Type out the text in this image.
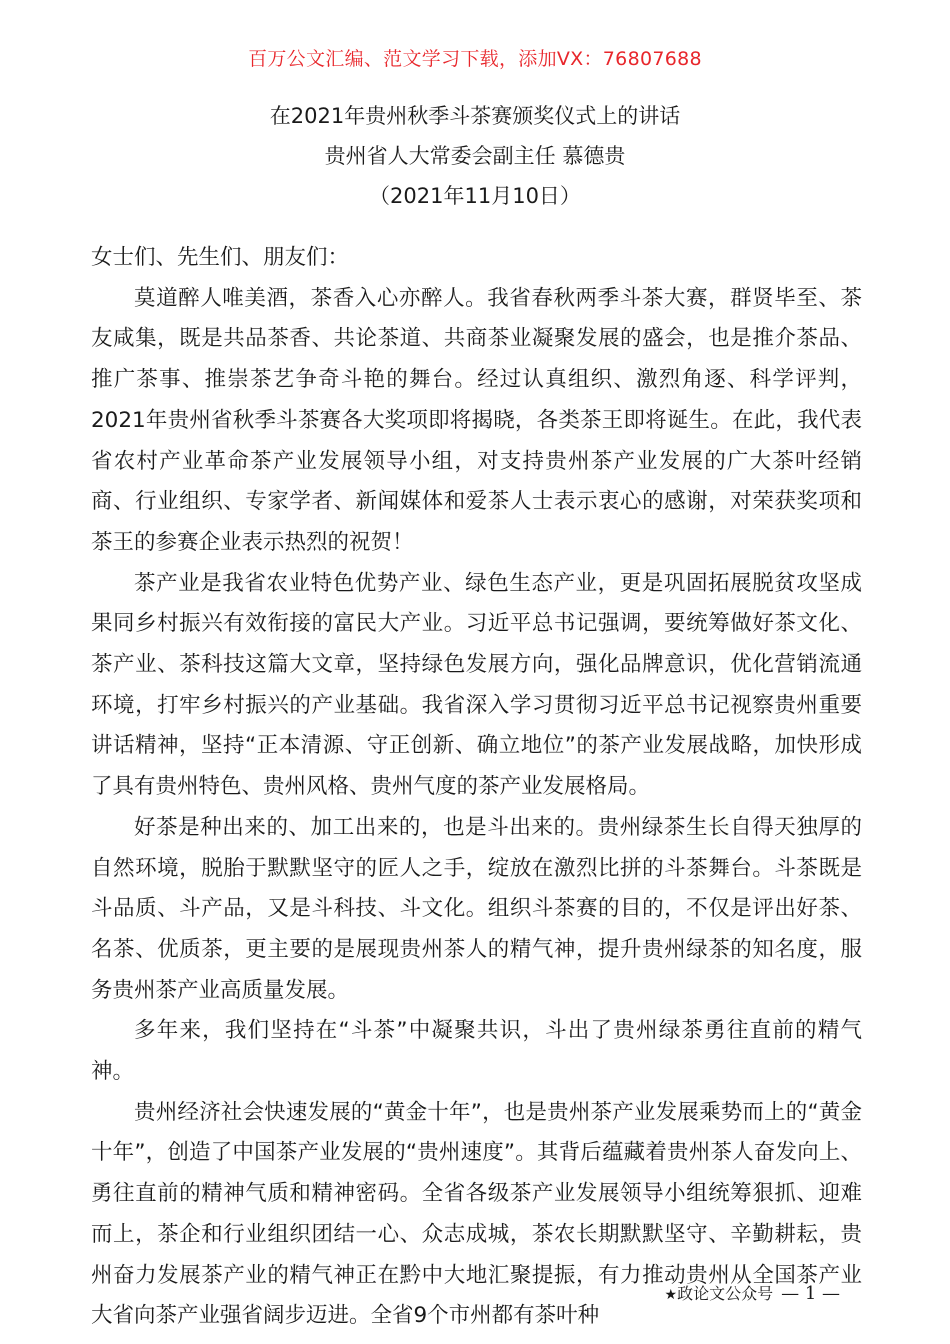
百万公文汇编、范文学习下载，添加VX：76807688
在2021年贵州秋季斗茶赛颁奖仪式上的讲话
贵州省人大常委会副主任 慕德贵
（2021年11月10日）

女士们、先生们、朋友们：

莫道醉人唯美酒，茶香入心亦醉人。我省春秋两季斗茶大赛，群贤毕至、茶友咸集，既是共品茶香、共论茶道、共商茶业凝聚发展的盛会，也是推介茶品、推广茶事、推崇茶艺争奇斗艳的舞台。经过认真组织、激烈角逐、科学评判，2021年贵州省秋季斗茶赛各大奖项即将揭晓，各类茶王即将诞生。在此，我代表省农村产业革命茶产业发展领导小组，对支持贵州茶产业发展的广大茶叶经销商、行业组织、专家学者、新闻媒体和爱茶人士表示衷心的感谢，对荣获奖项和茶王的参赛企业表示热烈的祝贺！

茶产业是我省农业特色优势产业、绿色生态产业，更是巩固拓展脱贫攻坚成果同乡村振兴有效衔接的富民大产业。习近平总书记强调，要统筹做好茶文化、茶产业、茶科技这篇大文章，坚持绿色发展方向，强化品牌意识，优化营销流通环境，打牢乡村振兴的产业基础。我省深入学习贯彻习近平总书记视察贵州重要讲话精神，坚持“正本清源、守正创新、确立地位”的茶产业发展战略，加快形成了具有贵州特色、贵州风格、贵州气度的茶产业发展格局。

好茶是种出来的、加工出来的，也是斗出来的。贵州绿茶生长自得天独厚的自然环境，脱胎于默默坚守的匠人之手，绽放在激烈比拼的斗茶舞台。斗茶既是斗品质、斗产品，又是斗科技、斗文化。组织斗茶赛的目的，不仅是评出好茶、名茶、优质茶，更主要的是展现贵州茶人的精气神，提升贵州绿茶的知名度，服务贵州茶产业高质量发展。

多年来，我们坚持在“斗茶”中凝聚共识，斗出了贵州绿茶勇往直前的精气神。

贵州经济社会快速发展的“黄金十年”，也是贵州茶产业发展乘势而上的“黄金十年”，创造了中国茶产业发展的“贵州速度”。其背后蕴藏着贵州茶人奋发向上、勇往直前的精神气质和精神密码。全省各级茶产业发展领导小组统筹狠抓、迎难而上，茶企和行业组织团结一心、众志成城，茶农长期默默坚守、辛勤耕耘，贵州奋力发展茶产业的精气神正在黔中大地汇聚提振，有力推动贵州从全国茶产业大省向茶产业强省阔步迈进。全省9个市州都有茶叶种

★政论文公众号 — 1 —
